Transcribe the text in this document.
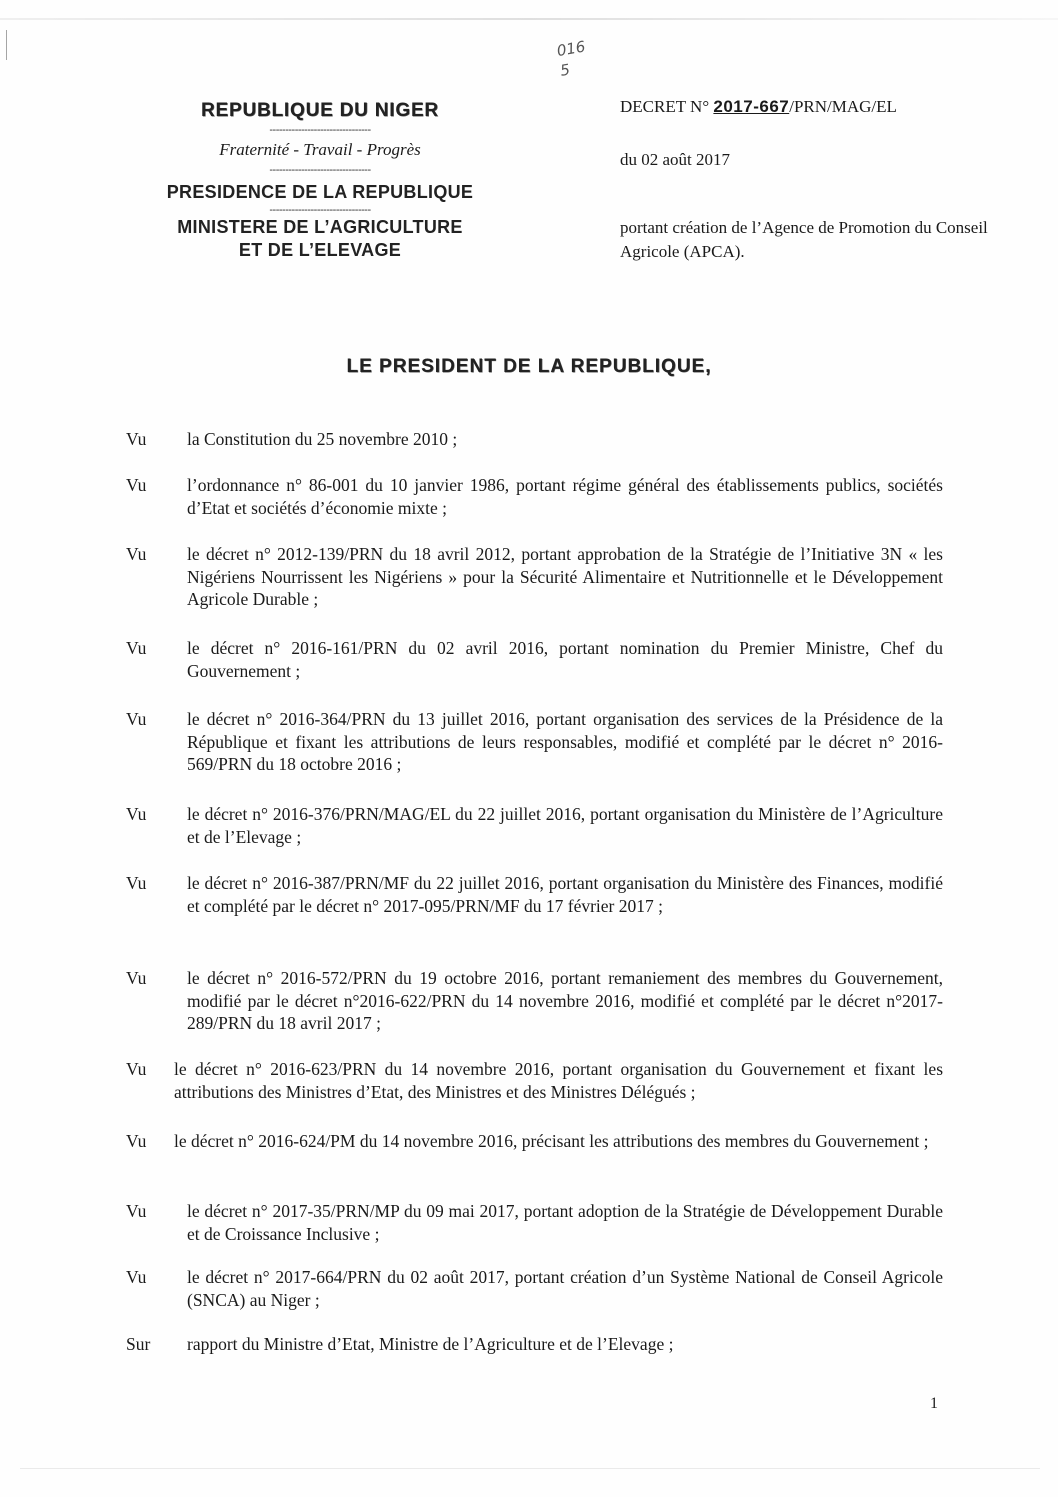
016
5
REPUBLIQUE DU NIGER
--------------------------------
Fraternité - Travail - Progrès
--------------------------------
PRESIDENCE DE LA REPUBLIQUE
--------------------------------
MINISTERE DE L’AGRICULTURE
ET DE L’ELEVAGE
DECRET N° 2017-667/PRN/MAG/EL
du 02 août 2017
portant création de l’Agence de Promotion du Conseil Agricole (APCA).
LE PRESIDENT DE LA REPUBLIQUE,
Vu la Constitution du 25 novembre 2010 ;
Vu l’ordonnance n° 86-001 du 10 janvier 1986, portant régime général des établissements publics, sociétés d’Etat et sociétés d’économie mixte ;
Vu le décret n° 2012-139/PRN du 18 avril 2012, portant approbation de la Stratégie de l’Initiative 3N « les Nigériens Nourrissent les Nigériens » pour la Sécurité Alimentaire et Nutritionnelle et le Développement Agricole Durable ;
Vu le décret n° 2016-161/PRN du 02 avril 2016, portant nomination du Premier Ministre, Chef du Gouvernement ;
Vu le décret n° 2016-364/PRN du 13 juillet 2016, portant organisation des services de la Présidence de la République et fixant les attributions de leurs responsables, modifié et complété par le décret n° 2016-569/PRN du 18 octobre 2016 ;
Vu le décret n° 2016-376/PRN/MAG/EL du 22 juillet 2016, portant organisation du Ministère de l’Agriculture et de l’Elevage ;
Vu le décret n° 2016-387/PRN/MF du 22 juillet 2016, portant organisation du Ministère des Finances, modifié et complété par le décret n° 2017-095/PRN/MF du 17 février 2017 ;
Vu le décret n° 2016-572/PRN du 19 octobre 2016, portant remaniement des membres du Gouvernement, modifié par le décret n°2016-622/PRN du 14 novembre 2016, modifié et complété par le décret n°2017-289/PRN du 18 avril 2017 ;
Vu le décret n° 2016-623/PRN du 14 novembre 2016, portant organisation du Gouvernement et fixant les attributions des Ministres d’Etat, des Ministres et des Ministres Délégués ;
Vu le décret n° 2016-624/PM du 14 novembre 2016, précisant les attributions des membres du Gouvernement ;
Vu le décret n° 2017-35/PRN/MP du 09 mai 2017, portant adoption de la Stratégie de Développement Durable et de Croissance Inclusive ;
Vu le décret n° 2017-664/PRN du 02 août 2017, portant création d’un Système National de Conseil Agricole (SNCA) au Niger ;
Sur rapport du Ministre d’Etat, Ministre de l’Agriculture et de l’Elevage ;
1
